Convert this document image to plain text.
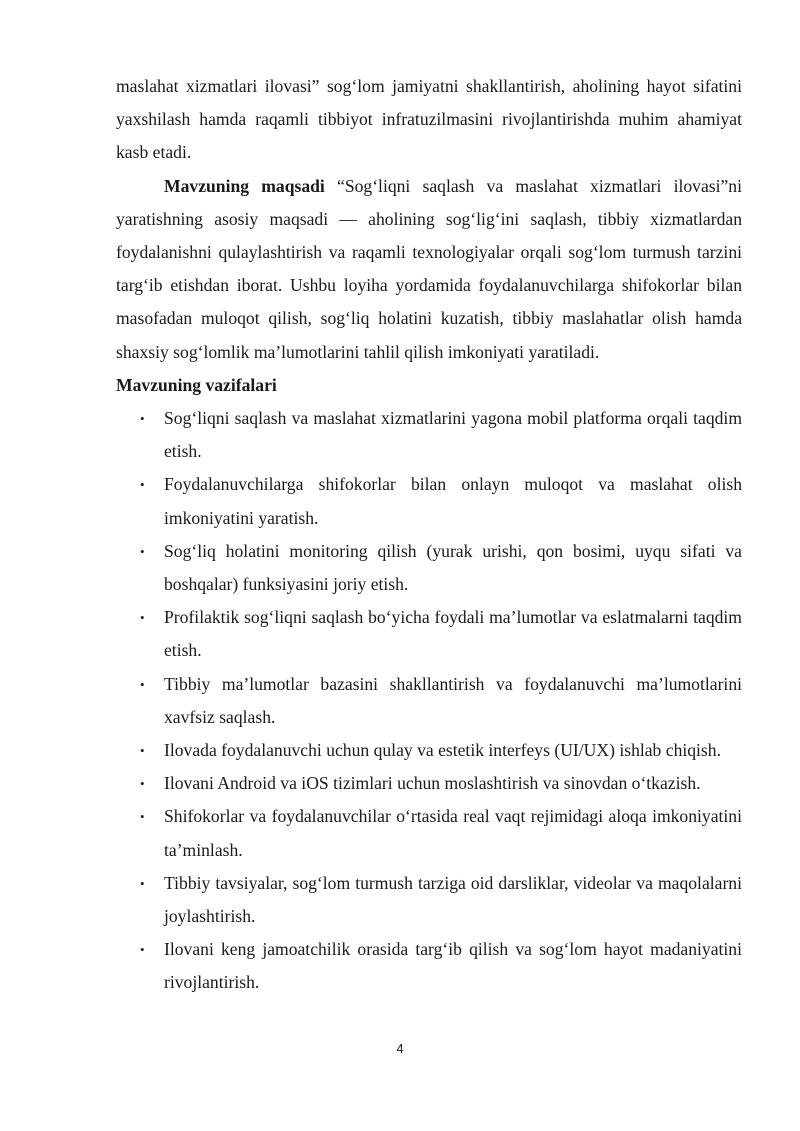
maslahat xizmatlari ilovasi” sog‘lom jamiyatni shakllantirish, aholining hayot sifatini yaxshilash hamda raqamli tibbiyot infratuzilmasini rivojlantirishda muhim ahamiyat kasb etadi.

Mavzuning maqsadi “Sog‘liqni saqlash va maslahat xizmatlari ilovasi”ni yaratishning asosiy maqsadi — aholining sog‘lig‘ini saqlash, tibbiy xizmatlardan foydalanishni qulaylashtirish va raqamli texnologiyalar orqali sog‘lom turmush tarzini targ‘ib etishdan iborat. Ushbu loyiha yordamida foydalanuvchilarga shifokorlar bilan masofadan muloqot qilish, sog‘liq holatini kuzatish, tibbiy maslahatlar olish hamda shaxsiy sog‘lomlik ma’lumotlarini tahlil qilish imkoniyati yaratiladi.

Mavzuning vazifalari
• Sog‘liqni saqlash va maslahat xizmatlarini yagona mobil platforma orqali taqdim etish.
• Foydalanuvchilarga shifokorlar bilan onlayn muloqot va maslahat olish imkoniyatini yaratish.
• Sog‘liq holatini monitoring qilish (yurak urishi, qon bosimi, uyqu sifati va boshqalar) funksiyasini joriy etish.
• Profilaktik sog‘liqni saqlash bo‘yicha foydali ma’lumotlar va eslatmalarni taqdim etish.
• Tibbiy ma’lumotlar bazasini shakllantirish va foydalanuvchi ma’lumotlarini xavfsiz saqlash.
• Ilovada foydalanuvchi uchun qulay va estetik interfeys (UI/UX) ishlab chiqish.
• Ilovani Android va iOS tizimlari uchun moslashtirish va sinovdan o‘tkazish.
• Shifokorlar va foydalanuvchilar o‘rtasida real vaqt rejimidagi aloqa imkoniyatini ta’minlash.
• Tibbiy tavsiyalar, sog‘lom turmush tarziga oid darsliklar, videolar va maqolalarni joylashtirish.
• Ilovani keng jamoatchilik orasida targ‘ib qilish va sog‘lom hayot madaniyatini rivojlantirish.
4
